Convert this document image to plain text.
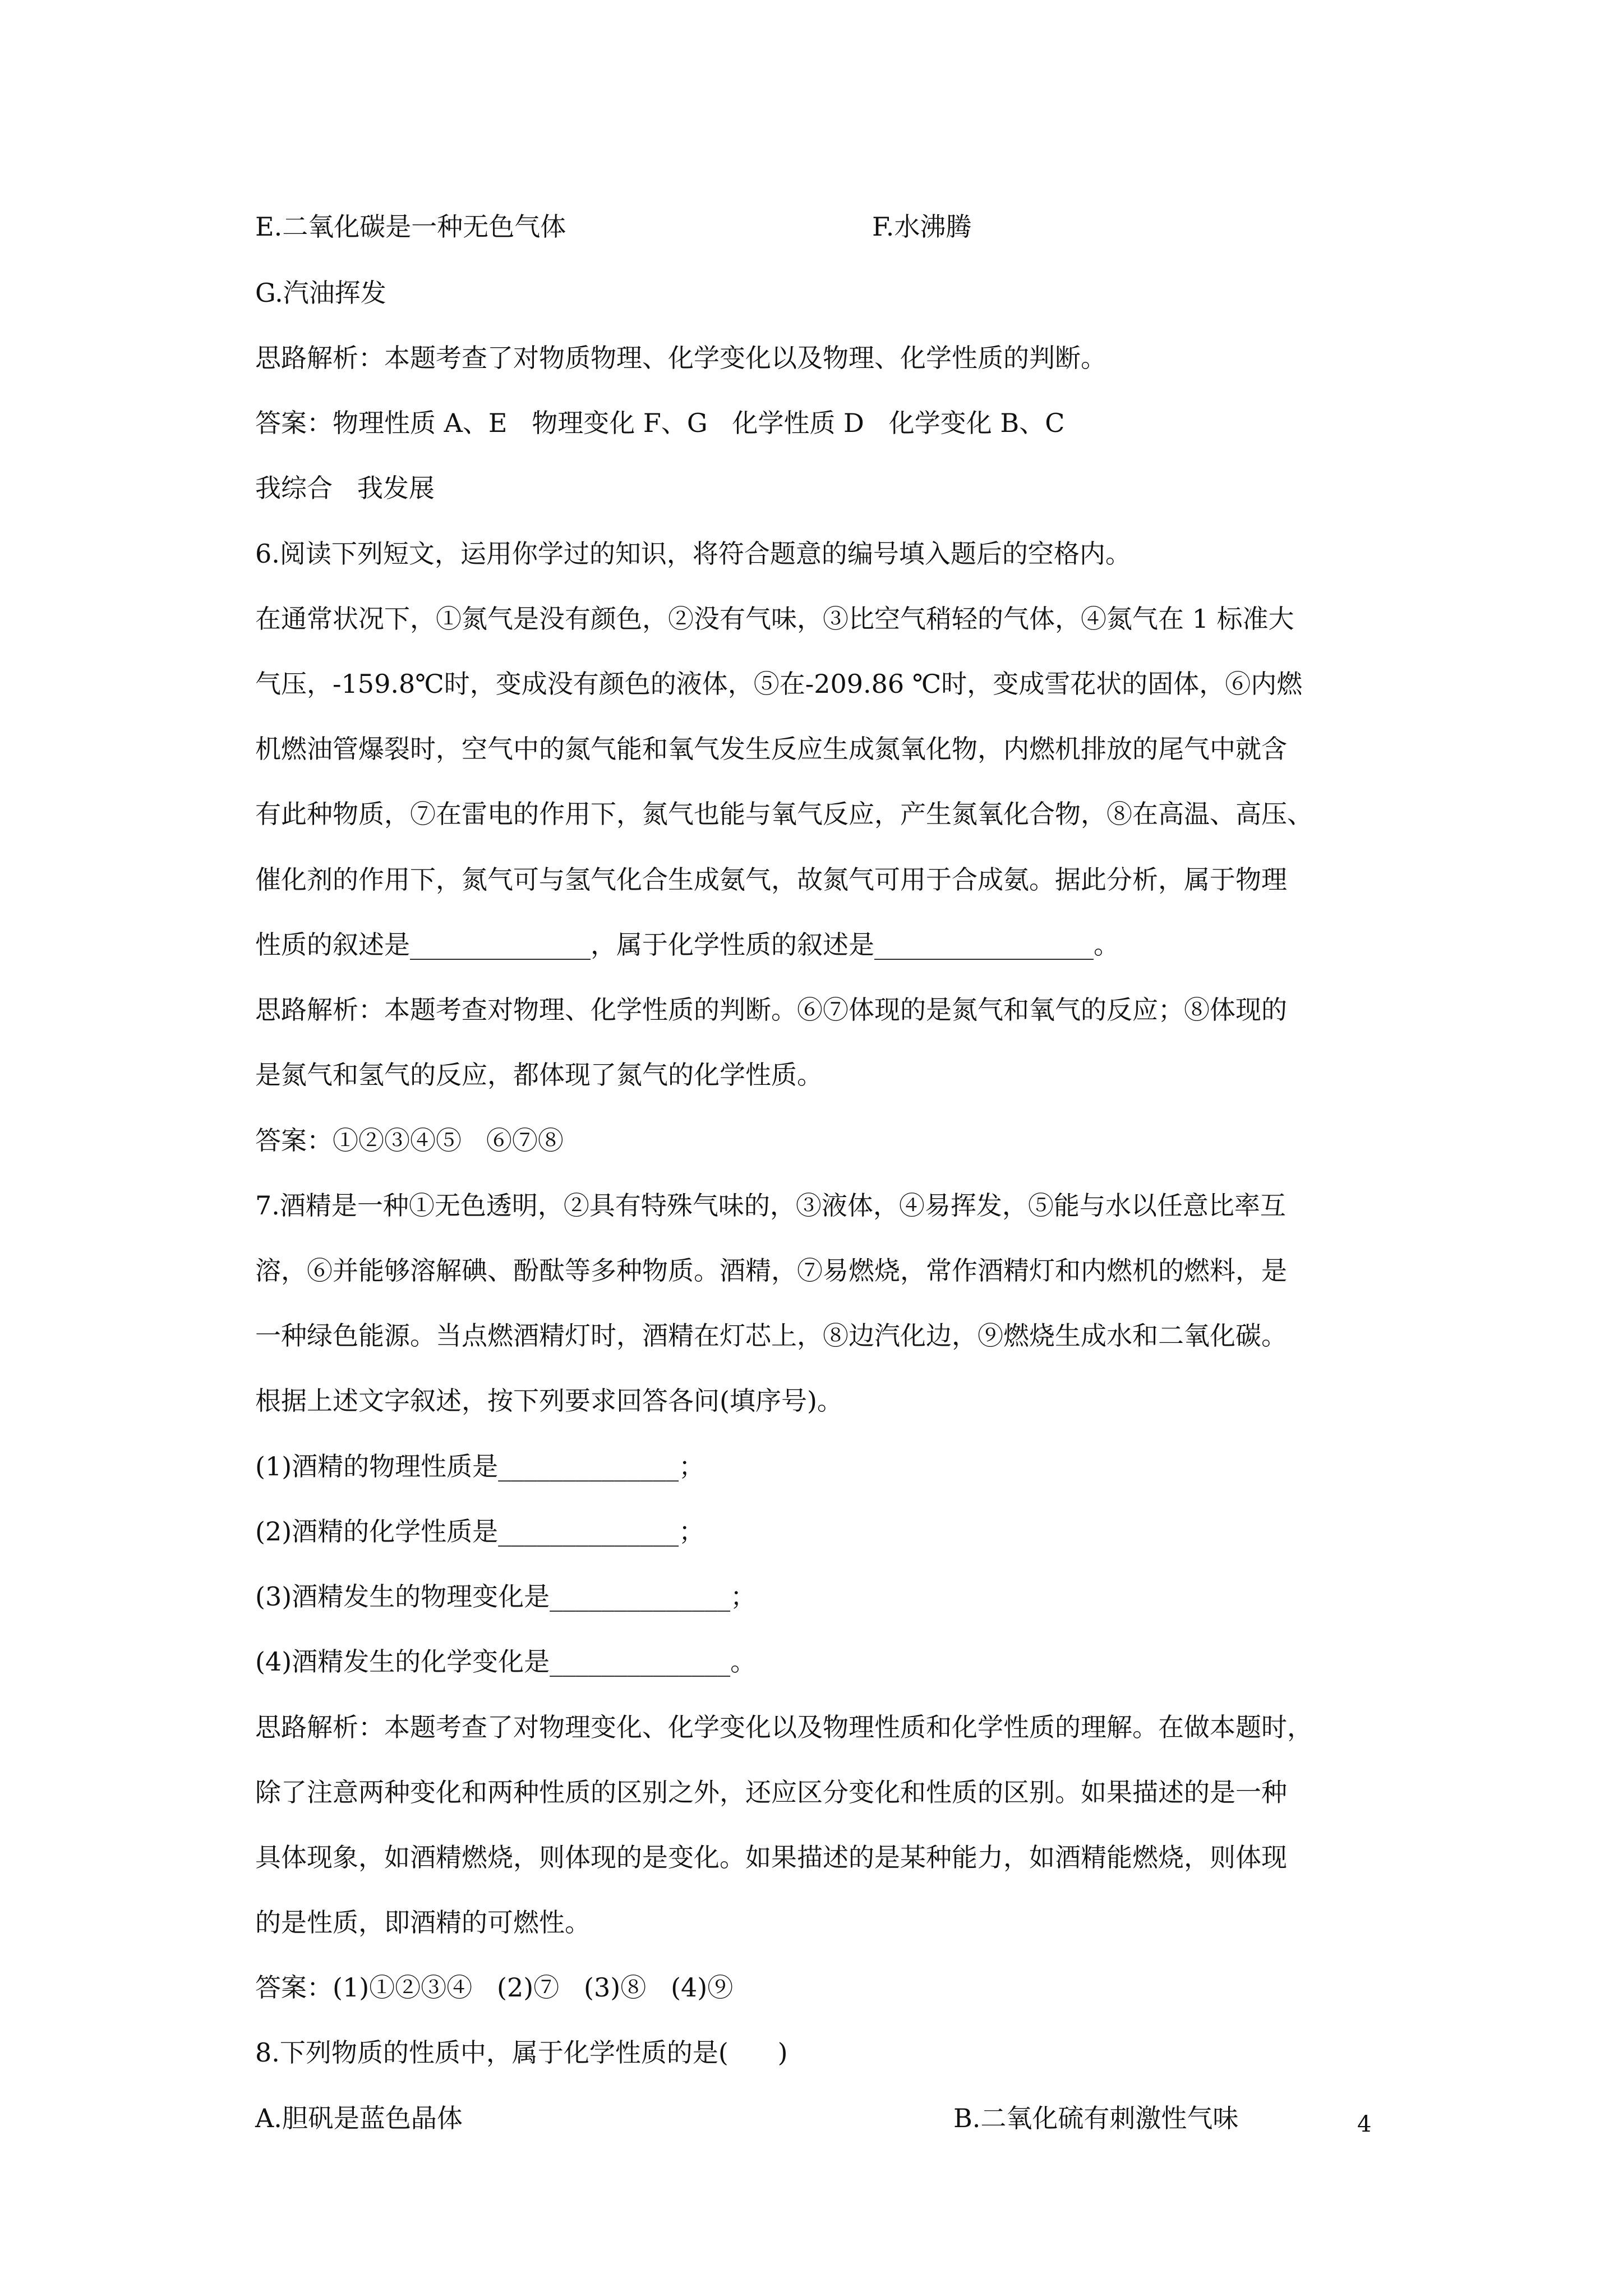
E.二氧化碳是一种无色气体	F.水沸腾
G.汽油挥发
思路解析：本题考查了对物质物理、化学变化以及物理、化学性质的判断。
答案：物理性质 A、E   物理变化 F、G   化学性质 D   化学变化 B、C
我综合   我发展
6.阅读下列短文，运用你学过的知识，将符合题意的编号填入题后的空格内。
在通常状况下，①氮气是没有颜色，②没有气味，③比空气稍轻的气体，④氮气在 1 标准大
气压，-159.8℃时，变成没有颜色的液体，⑤在-209.86 ℃时，变成雪花状的固体，⑥内燃
机燃油管爆裂时，空气中的氮气能和氧气发生反应生成氮氧化物，内燃机排放的尾气中就含
有此种物质，⑦在雷电的作用下，氮气也能与氧气反应，产生氮氧化合物，⑧在高温、高压、
催化剂的作用下，氮气可与氢气化合生成氨气，故氮气可用于合成氨。据此分析，属于物理
性质的叙述是______________，属于化学性质的叙述是_________________。
思路解析：本题考查对物理、化学性质的判断。⑥⑦体现的是氮气和氧气的反应；⑧体现的
是氮气和氢气的反应，都体现了氮气的化学性质。
答案：①②③④⑤   ⑥⑦⑧
7.酒精是一种①无色透明，②具有特殊气味的，③液体，④易挥发，⑤能与水以任意比率互
溶，⑥并能够溶解碘、酚酞等多种物质。酒精，⑦易燃烧，常作酒精灯和内燃机的燃料，是
一种绿色能源。当点燃酒精灯时，酒精在灯芯上，⑧边汽化边，⑨燃烧生成水和二氧化碳。
根据上述文字叙述，按下列要求回答各问(填序号)。
(1)酒精的物理性质是______________；
(2)酒精的化学性质是______________；
(3)酒精发生的物理变化是______________；
(4)酒精发生的化学变化是______________。
思路解析：本题考查了对物理变化、化学变化以及物理性质和化学性质的理解。在做本题时，
除了注意两种变化和两种性质的区别之外，还应区分变化和性质的区别。如果描述的是一种
具体现象，如酒精燃烧，则体现的是变化。如果描述的是某种能力，如酒精能燃烧，则体现
的是性质，即酒精的可燃性。
答案：(1)①②③④   (2)⑦   (3)⑧   (4)⑨
8.下列物质的性质中，属于化学性质的是(      )
A.胆矾是蓝色晶体	B.二氧化硫有刺激性气味	4
